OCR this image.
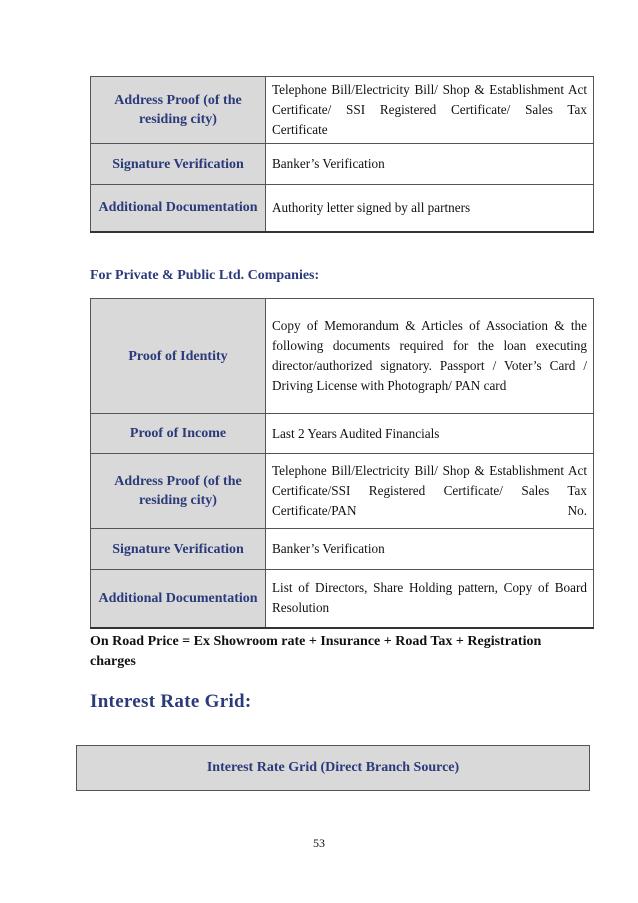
Address Proof (of the residing city)	Telephone Bill/Electricity Bill/ Shop & Establishment Act Certificate/ SSI Registered Certificate/ Sales Tax Certificate
Signature Verification	Banker’s Verification
Additional Documentation	Authority letter signed by all partners
For Private & Public Ltd. Companies:
Proof of Identity	Copy of Memorandum & Articles of Association & the following documents required for the loan executing director/authorized signatory. Passport / Voter’s Card / Driving License with Photograph/ PAN card
Proof of Income	Last 2 Years Audited Financials
Address Proof (of the residing city)	Telephone Bill/Electricity Bill/ Shop & Establishment Act Certificate/SSI Registered Certificate/ Sales Tax Certificate/PAN No.
Signature Verification	Banker’s Verification
Additional Documentation	List of Directors, Share Holding pattern, Copy of Board Resolution
On Road Price = Ex Showroom rate + Insurance + Road Tax + Registration charges
Interest Rate Grid:
Interest Rate Grid (Direct Branch Source)
53
